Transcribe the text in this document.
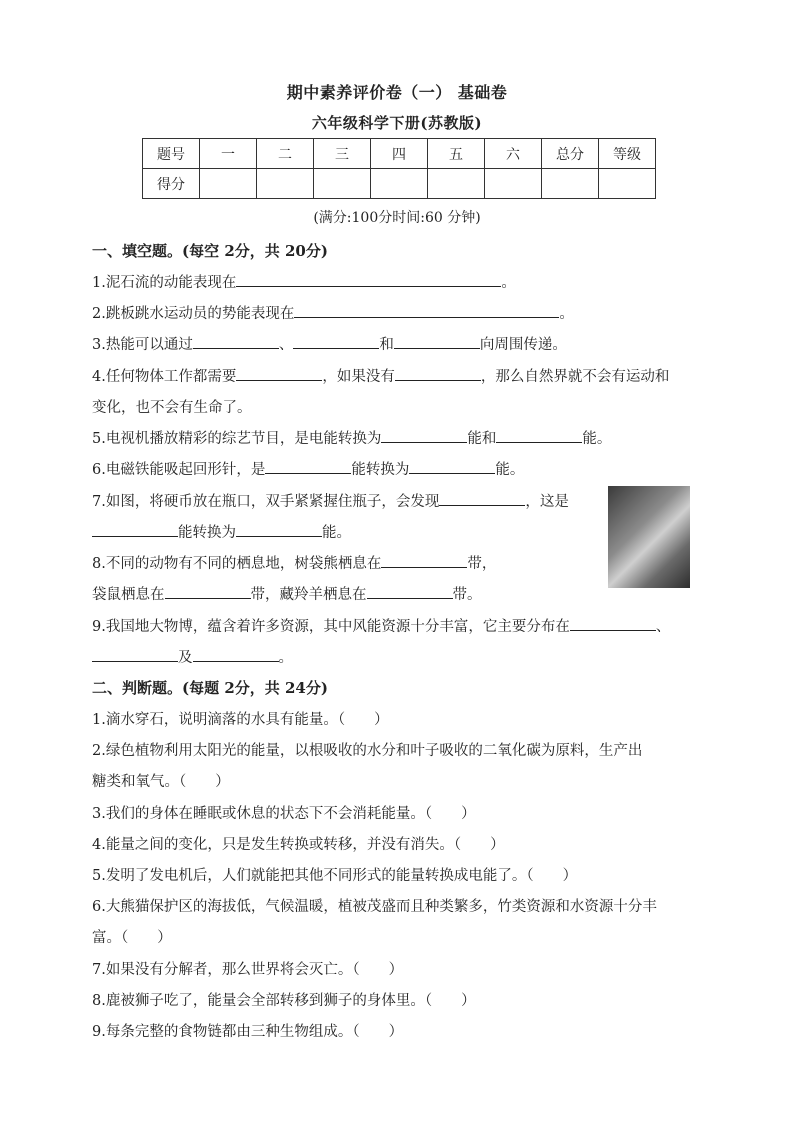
期中素养评价卷（一） 基础卷
六年级科学下册(苏教版)
题号	一	二	三	四	五	六	总分	等级
得分								
(满分:100分时间:60 分钟)
一、填空题。(每空 2分，共 20分)
1.泥石流的动能表现在	。
2.跳板跳水运动员的势能表现在	。
3.热能可以通过	、	和	向周围传递。
4.任何物体工作都需要	，如果没有	，那么自然界就不会有运动和
变化，也不会有生命了。
5.电视机播放精彩的综艺节目，是电能转换为	能和	能。
6.电磁铁能吸起回形针，是	能转换为	能。
7.如图，将硬币放在瓶口，双手紧紧握住瓶子，会发现	，这是
能转换为	能。
8.不同的动物有不同的栖息地，树袋熊栖息在	带，
袋鼠栖息在	带，藏羚羊栖息在	带。
9.我国地大物博，蕴含着许多资源，其中风能资源十分丰富，它主要分布在	、
及	。
二、判断题。(每题 2分，共 24分)
1.滴水穿石，说明滴落的水具有能量。（　　）
2.绿色植物利用太阳光的能量，以根吸收的水分和叶子吸收的二氧化碳为原料，生产出
糖类和氧气。（　　）
3.我们的身体在睡眠或休息的状态下不会消耗能量。（　　）
4.能量之间的变化，只是发生转换或转移，并没有消失。（　　）
5.发明了发电机后，人们就能把其他不同形式的能量转换成电能了。（　　）
6.大熊猫保护区的海拔低，气候温暖，植被茂盛而且种类繁多，竹类资源和水资源十分丰
富。（　　）
7.如果没有分解者，那么世界将会灭亡。（　　）
8.鹿被狮子吃了，能量会全部转移到狮子的身体里。（　　）
9.每条完整的食物链都由三种生物组成。（　　）
